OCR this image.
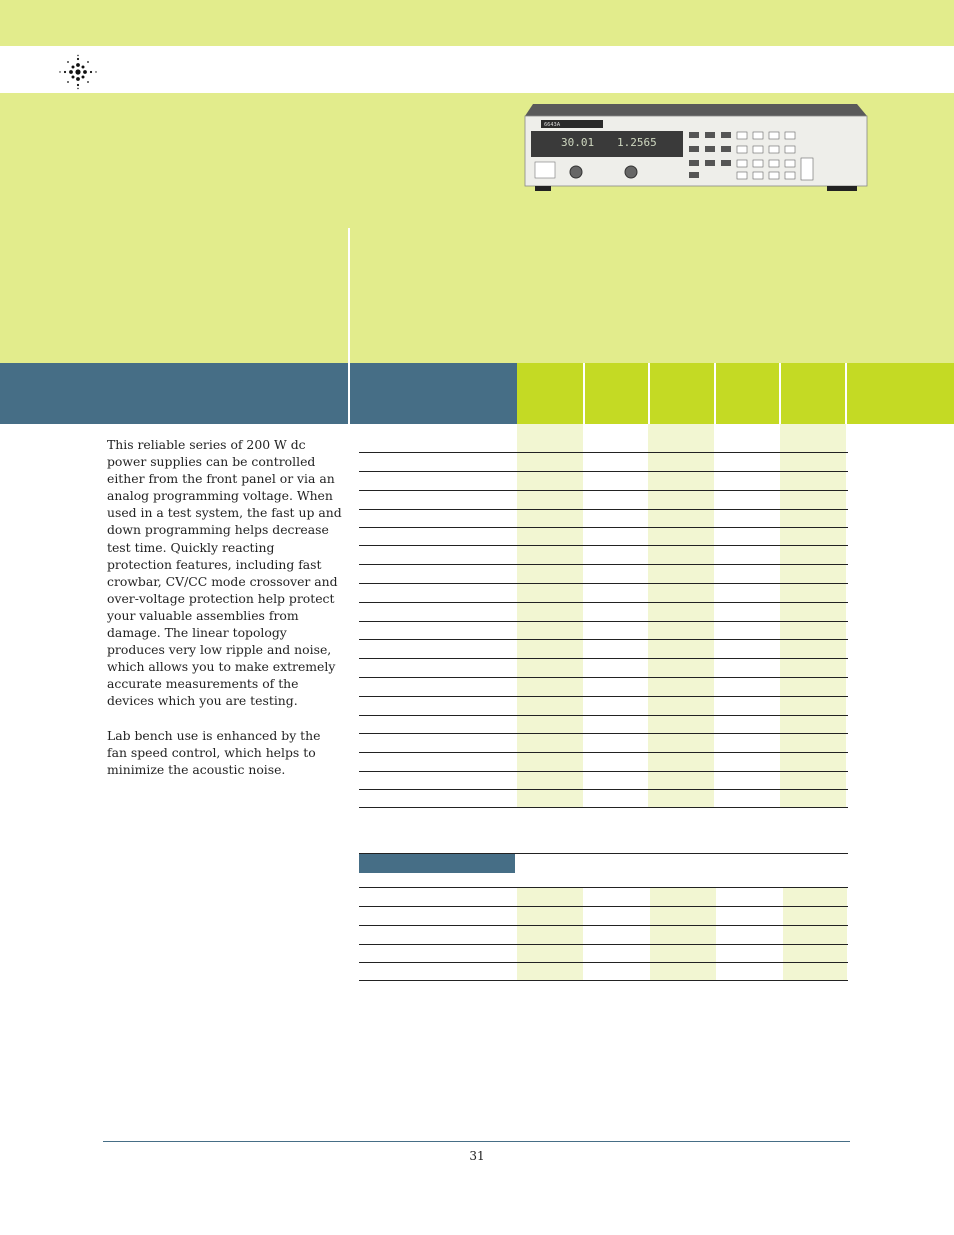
6643A
30.01 1.2565

This reliable series of 200 W dc power supplies can be controlled either from the front panel or via an analog programming voltage. When used in a test system, the fast up and down programming helps decrease test time. Quickly reacting protection features, including fast crowbar, CV/CC mode crossover and over-voltage protection help protect your valuable assemblies from damage. The linear topology produces very low ripple and noise, which allows you to make extremely accurate measurements of the devices which you are testing.

Lab bench use is enhanced by the fan speed control, which helps to minimize the acoustic noise.

31
